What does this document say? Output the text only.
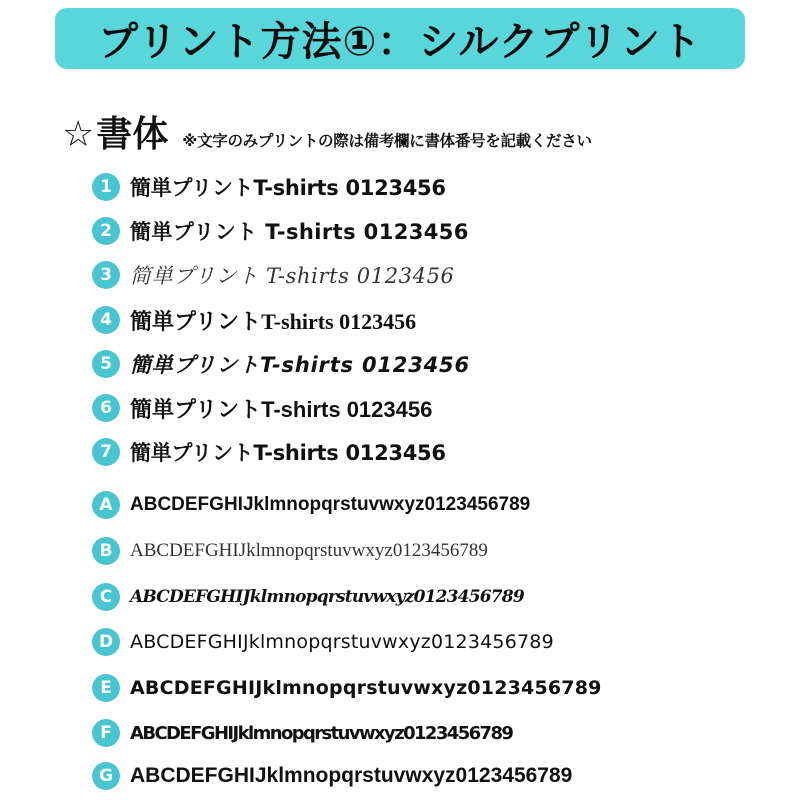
プリント方法①：シルクプリント
☆ 書体 ※文字のみプリントの際は備考欄に書体番号を記載ください
1 簡単プリントT-shirts 0123456
2 簡単プリント T-shirts 0123456
3 简単プリント T-shirts 0123456
4 簡単プリントT-shirts 0123456
5 簡単プリントT-shirts 0123456
6 簡単プリントT-shirts 0123456
7 簡単プリントT-shirts 0123456
A ABCDEFGHIJklmnopqrstuvwxyz0123456789
B ABCDEFGHIJklmnopqrstuvwxyz0123456789
C	ABCDEFGHIJklmnopqrstuvwxyz0123456789
D ABCDEFGHIJklmnopqrstuvwxyz0123456789
E ABCDEFGHIJklmnopqrstuvwxyz0123456789
F	ABCDEFGHIJklmnopqrstuvwxyz0123456789
G ABCDEFGHIJklmnopqrstuvwxyz0123456789
